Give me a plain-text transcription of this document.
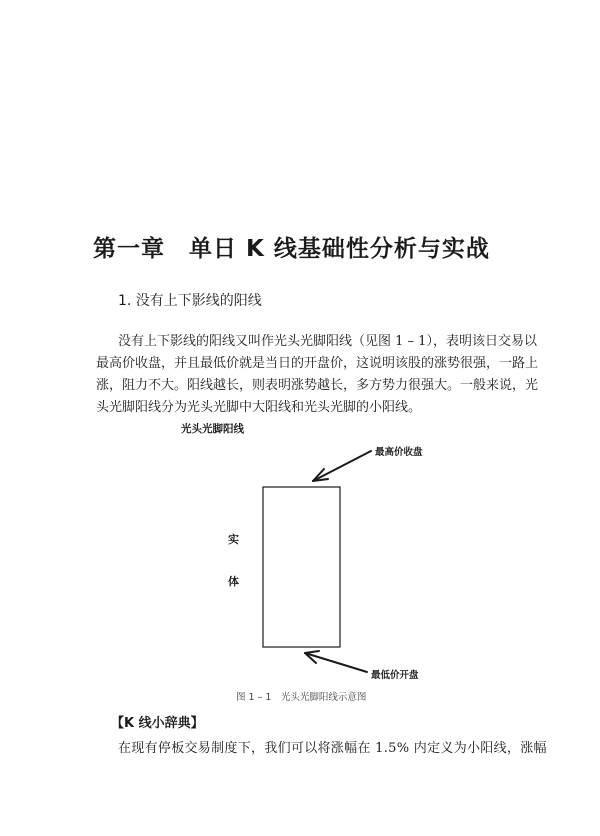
第一章 单日 K 线基础性分析与实战
1. 没有上下影线的阳线
没有上下影线的阳线又叫作光头光脚阳线（见图 1 – 1），表明该日交易以
最高价收盘，并且最低价就是当日的开盘价，这说明该股的涨势很强，一路上
涨，阻力不大。阳线越长，则表明涨势越长，多方势力很强大。一般来说，光
头光脚阳线分为光头光脚中大阳线和光头光脚的小阳线。
光头光脚阳线
最高价收盘
最低价开盘
实
体
图 1 – 1　光头光脚阳线示意图
【K 线小辞典】
在现有停板交易制度下，我们可以将涨幅在 1.5% 内定义为小阳线，涨幅
